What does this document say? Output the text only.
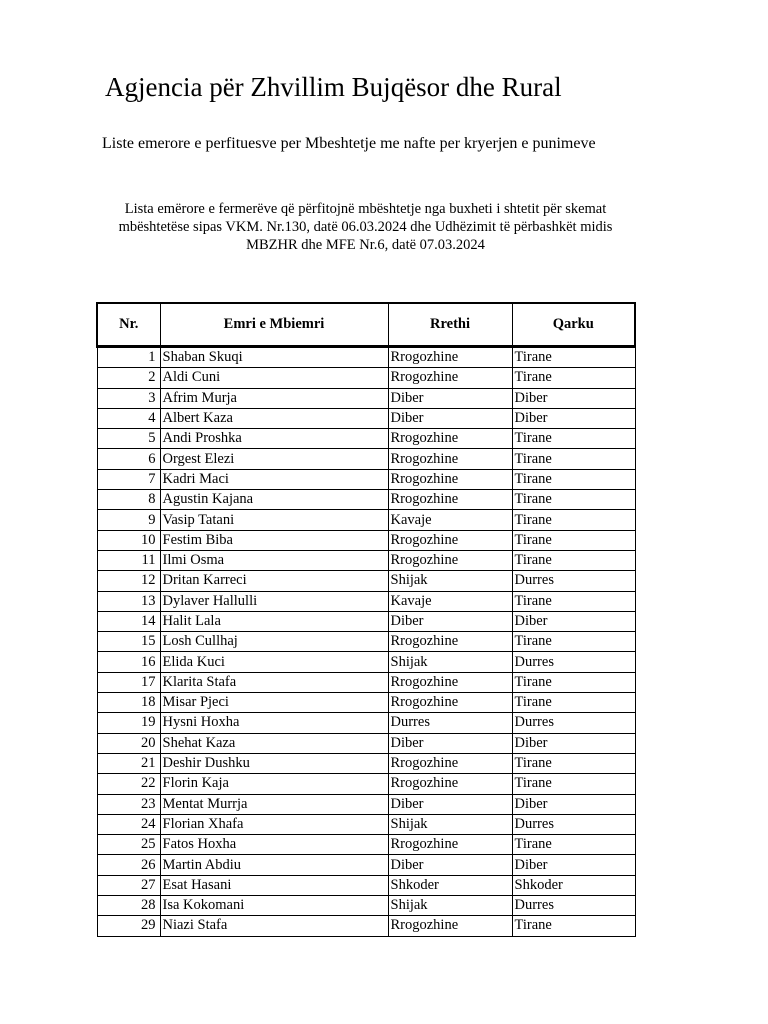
Agjencia për Zhvillim Bujqësor dhe Rural
Liste emerore e perfituesve per Mbeshtetje me nafte per kryerjen e punimeve
Lista emërore e fermerëve që përfitojnë mbështetje nga buxheti i shtetit për skemat
mbështetëse sipas VKM. Nr.130, datë 06.03.2024 dhe Udhëzimit të përbashkët midis
MBZHR dhe MFE Nr.6, datë 07.03.2024
Nr.	Emri e Mbiemri	Rrethi	Qarku
1	Shaban Skuqi	Rrogozhine	Tirane
2	Aldi Cuni	Rrogozhine	Tirane
3	Afrim Murja	Diber	Diber
4	Albert Kaza	Diber	Diber
5	Andi Proshka	Rrogozhine	Tirane
6	Orgest Elezi	Rrogozhine	Tirane
7	Kadri Maci	Rrogozhine	Tirane
8	Agustin Kajana	Rrogozhine	Tirane
9	Vasip Tatani	Kavaje	Tirane
10	Festim Biba	Rrogozhine	Tirane
11	Ilmi Osma	Rrogozhine	Tirane
12	Dritan Karreci	Shijak	Durres
13	Dylaver Hallulli	Kavaje	Tirane
14	Halit Lala	Diber	Diber
15	Losh Cullhaj	Rrogozhine	Tirane
16	Elida Kuci	Shijak	Durres
17	Klarita Stafa	Rrogozhine	Tirane
18	Misar Pjeci	Rrogozhine	Tirane
19	Hysni Hoxha	Durres	Durres
20	Shehat Kaza	Diber	Diber
21	Deshir Dushku	Rrogozhine	Tirane
22	Florin Kaja	Rrogozhine	Tirane
23	Mentat Murrja	Diber	Diber
24	Florian Xhafa	Shijak	Durres
25	Fatos Hoxha	Rrogozhine	Tirane
26	Martin Abdiu	Diber	Diber
27	Esat Hasani	Shkoder	Shkoder
28	Isa Kokomani	Shijak	Durres
29	Niazi Stafa	Rrogozhine	Tirane
